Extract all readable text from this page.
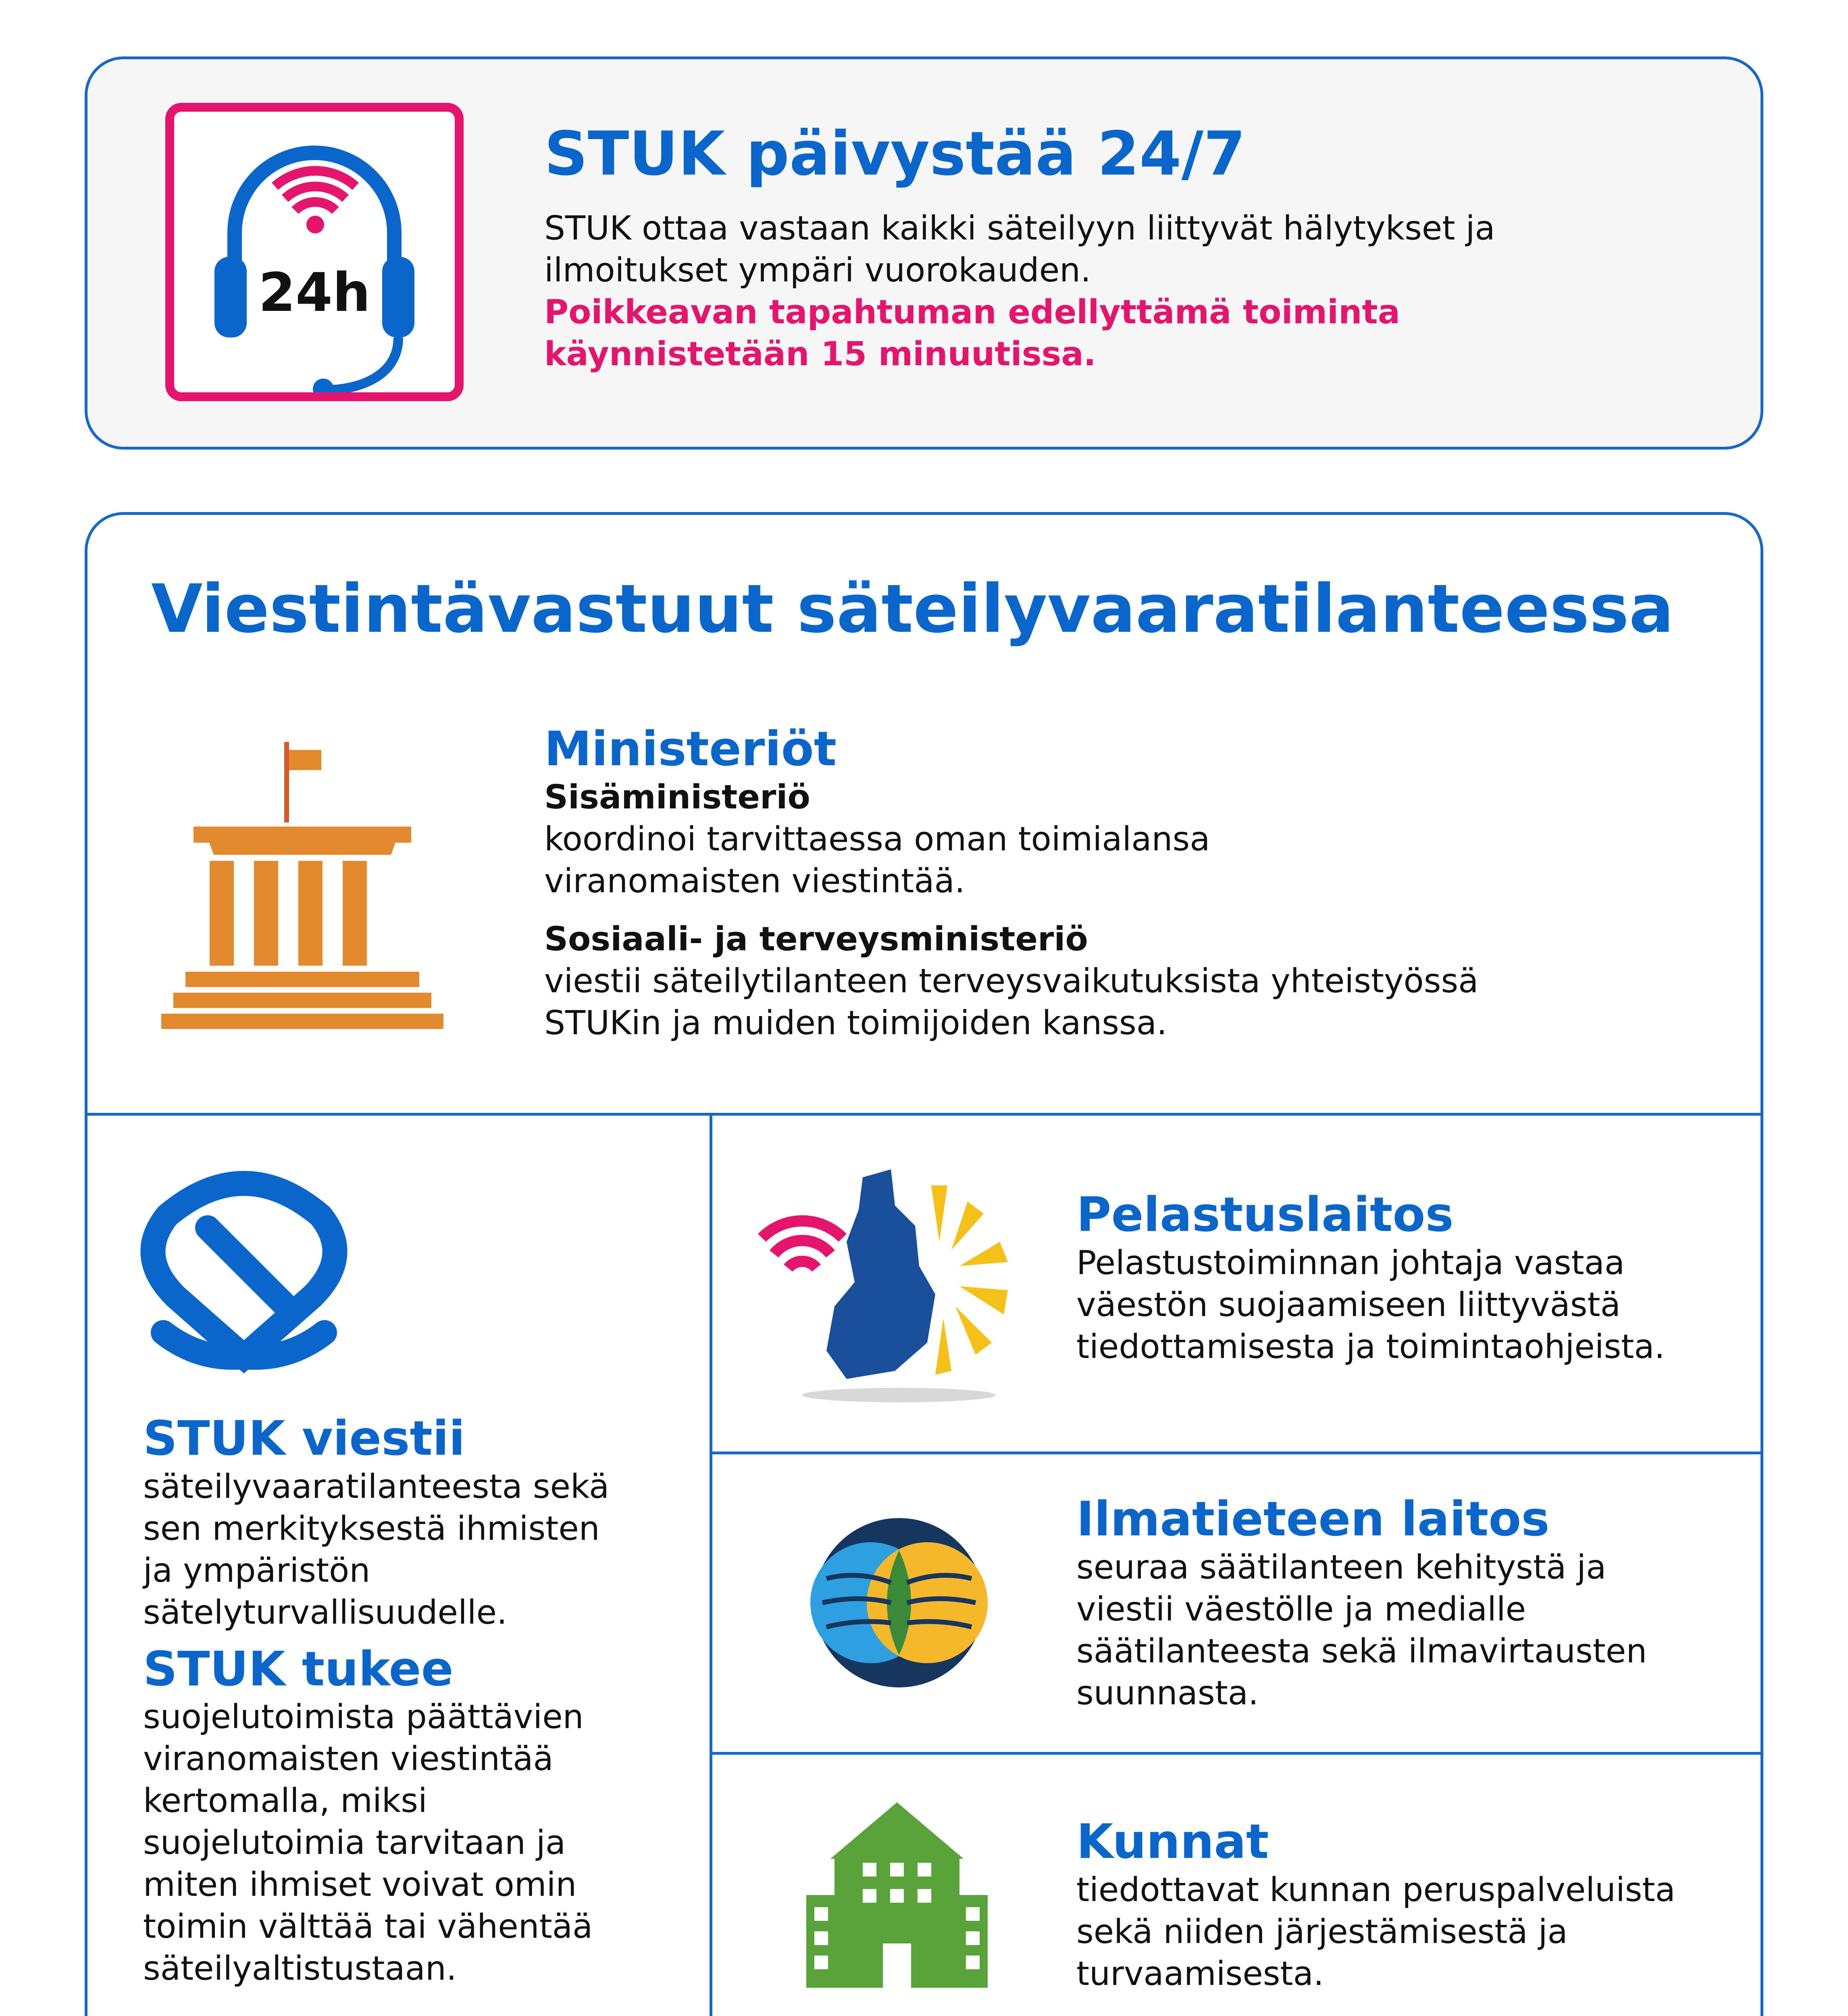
24h
STUK päivystää 24/7

STUK ottaa vastaan kaikki säteilyyn liittyvät hälytykset ja

ilmoitukset ympäri vuorokauden.

Poikkeavan tapahtuman edellyttämä toiminta

käynnistetään 15 minuutissa.

Viestintävastuut säteilyvaaratilanteessa
Ministeriöt

Sisäministeriö

koordinoi tarvittaessa oman toimialansa

viranomaisten viestintää.

Sosiaali- ja terveysministeriö

viestii säteilytilanteen terveysvaikutuksista yhteistyössä

STUKin ja muiden toimijoiden kanssa.

STUK viestii

säteilyvaaratilanteesta sekä

sen merkityksestä ihmisten

ja ympäristön

sätelyturvallisuudelle.

STUK tukee

suojelutoimista päättävien

viranomaisten viestintää

kertomalla, miksi

suojelutoimia tarvitaan ja

miten ihmiset voivat omin

toimin välttää tai vähentää

säteilyaltistustaan.

Pelastuslaitos

Pelastustoiminnan johtaja vastaa

väestön suojaamiseen liittyvästä

tiedottamisesta ja toimintaohjeista.

Ilmatieteen laitos

seuraa säätilanteen kehitystä ja

viestii väestölle ja medialle

säätilanteesta sekä ilmavirtausten

suunnasta.

Kunnat

tiedottavat kunnan peruspalveluista

sekä niiden järjestämisestä ja

turvaamisesta.
